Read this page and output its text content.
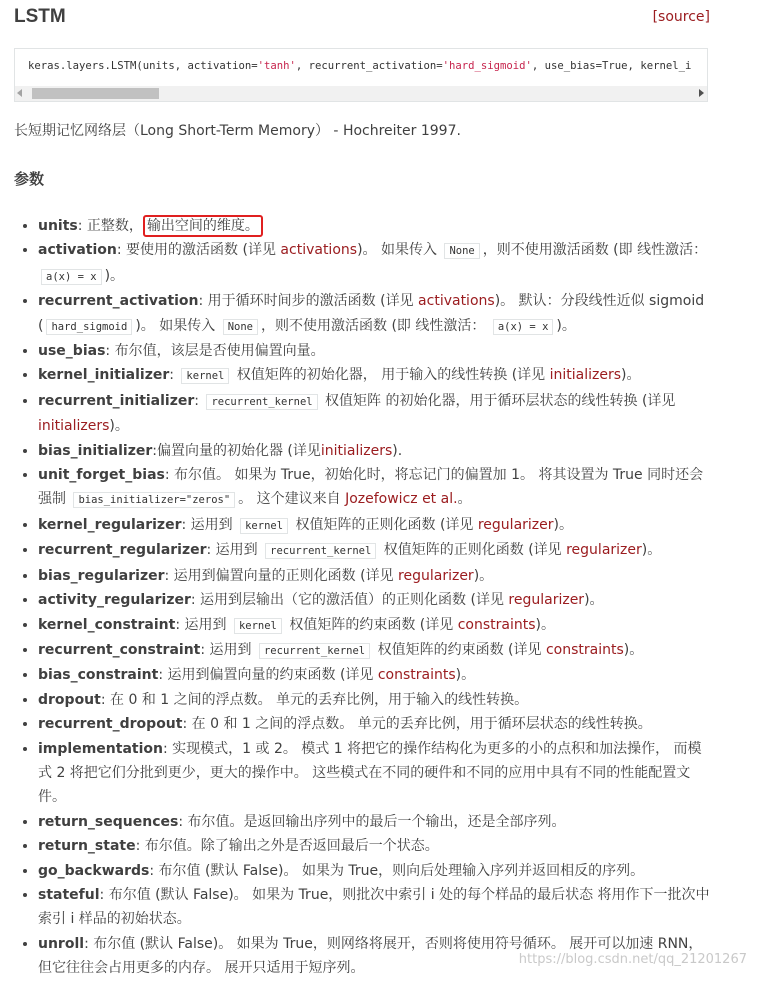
LSTM	[source]
keras.layers.LSTM(units, activation='tanh', recurrent_activation='hard_sigmoid', use_bias=True, kernel_i
长短期记忆网络层（Long Short-Term Memory） - Hochreiter 1997.
参数
• units: 正整数， 输出空间的维度。
• activation: 要使用的激活函数 (详见 activations)。 如果传入 None ，则不使用激活函数 (即 线性激活： a(x) = x )。
• recurrent_activation: 用于循环时间步的激活函数 (详见 activations)。 默认：分段线性近似 sigmoid ( hard_sigmoid )。 如果传入 None ，则不使用激活函数 (即 线性激活： a(x) = x )。
• use_bias: 布尔值，该层是否使用偏置向量。
• kernel_initializer: kernel 权值矩阵的初始化器， 用于输入的线性转换 (详见 initializers)。
• recurrent_initializer: recurrent_kernel 权值矩阵 的初始化器，用于循环层状态的线性转换 (详见 initializers)。
• bias_initializer:偏置向量的初始化器 (详见initializers).
• unit_forget_bias: 布尔值。 如果为 True，初始化时，将忘记门的偏置加 1。 将其设置为 True 同时还会强制 bias_initializer="zeros" 。 这个建议来自 Jozefowicz et al.。
• kernel_regularizer: 运用到 kernel 权值矩阵的正则化函数 (详见 regularizer)。
• recurrent_regularizer: 运用到 recurrent_kernel 权值矩阵的正则化函数 (详见 regularizer)。
• bias_regularizer: 运用到偏置向量的正则化函数 (详见 regularizer)。
• activity_regularizer: 运用到层输出（它的激活值）的正则化函数 (详见 regularizer)。
• kernel_constraint: 运用到 kernel 权值矩阵的约束函数 (详见 constraints)。
• recurrent_constraint: 运用到 recurrent_kernel 权值矩阵的约束函数 (详见 constraints)。
• bias_constraint: 运用到偏置向量的约束函数 (详见 constraints)。
• dropout: 在 0 和 1 之间的浮点数。 单元的丢弃比例，用于输入的线性转换。
• recurrent_dropout: 在 0 和 1 之间的浮点数。 单元的丢弃比例，用于循环层状态的线性转换。
• implementation: 实现模式，1 或 2。 模式 1 将把它的操作结构化为更多的小的点积和加法操作， 而模式 2 将把它们分批到更少，更大的操作中。 这些模式在不同的硬件和不同的应用中具有不同的性能配置文件。
• return_sequences: 布尔值。是返回输出序列中的最后一个输出，还是全部序列。
• return_state: 布尔值。除了输出之外是否返回最后一个状态。
• go_backwards: 布尔值 (默认 False)。 如果为 True，则向后处理输入序列并返回相反的序列。
• stateful: 布尔值 (默认 False)。 如果为 True，则批次中索引 i 处的每个样品的最后状态 将用作下一批次中索引 i 样品的初始状态。
• unroll: 布尔值 (默认 False)。 如果为 True，则网络将展开，否则将使用符号循环。 展开可以加速 RNN，但它往往会占用更多的内存。 展开只适用于短序列。
https://blog.csdn.net/qq_21201267
